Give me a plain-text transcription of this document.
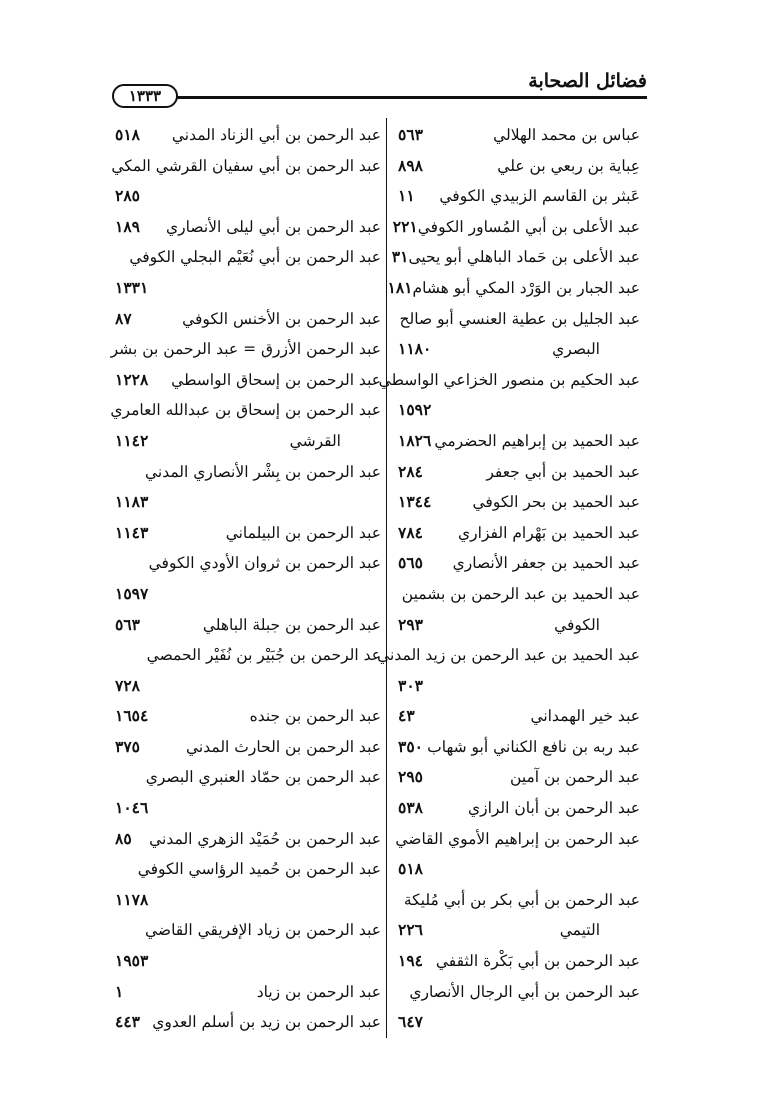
فضائل الصحابة
١٣٣٣
عباس بن محمد الهلالي
٥٦٣
عِباية بن ربعي بن علي
٨٩٨
عَبثر بن القاسم الزبيدي الكوفي
١١
عبد الأعلى بن أبي المُساور الكوفي
٢٢١
عبد الأعلى بن حَماد الباهلي أبو يحيى
٣١
عبد الجبار بن الوَرْد المكي أبو هشام
١٨١
عبد الجليل بن عطية العنسي أبو صالح
البصري
١١٨٠
عبد الحكيم بن منصور الخزاعي الواسطي
١٥٩٢
عبد الحميد بن إبراهيم الحضرمي
١٨٢٦
عبد الحميد بن أبي جعفر
٢٨٤
عبد الحميد بن بحر الكوفي
١٣٤٤
عبد الحميد بن بَهْرام الفزاري
٧٨٤
عبد الحميد بن جعفر الأنصاري
٥٦٥
عبد الحميد بن عبد الرحمن بن بشمين
الكوفي
٢٩٣
عبد الحميد بن عبد الرحمن بن زيد المدني
٣٠٣
عبد خير الهمداني
٤٣
عبد ربه بن نافع الكناني أبو شهاب
٣٥٠
عبد الرحمن بن آمين
٢٩٥
عبد الرحمن بن أبان الرازي
٥٣٨
عبد الرحمن بن إبراهيم الأموي القاضي
٥١٨
عبد الرحمن بن أبي بكر بن أبي مُليكة
التيمي
٢٢٦
عبد الرحمن بن أبي بَكْرة الثقفي
١٩٤
عبد الرحمن بن أبي الرجال الأنصاري
٦٤٧
عبد الرحمن بن أبي الزناد المدني
٥١٨
عبد الرحمن بن أبي سفيان القرشي المكي
٢٨٥
عبد الرحمن بن أبي ليلى الأنصاري
١٨٩
عبد الرحمن بن أبي نُعَيْم البجلي الكوفي
١٣٣١
عبد الرحمن بن الأخنس الكوفي
٨٧
عبد الرحمن الأزرق = عبد الرحمن بن بشر
عبد الرحمن بن إسحاق الواسطي
١٢٢٨
عبد الرحمن بن إسحاق بن عبدالله العامري
القرشي
١١٤٢
عبد الرحمن بن بِشْر الأنصاري المدني
١١٨٣
عبد الرحمن بن البيلماني
١١٤٣
عبد الرحمن بن ثروان الأودي الكوفي
١٥٩٧
عبد الرحمن بن جبلة الباهلي
٥٦٣
عد الرحمن بن جُبَيْر بن نُفَيْر الحمصي
٧٢٨
عبد الرحمن بن جنده
١٦٥٤
عبد الرحمن بن الحارث المدني
٣٧٥
عبد الرحمن بن حمّاد العنبري البصري
١٠٤٦
عبد الرحمن بن حُمَيْد الزهري المدني
٨٥
عبد الرحمن بن حُميد الرؤاسي الكوفي
١١٧٨
عبد الرحمن بن زياد الإفريقي القاضي
١٩٥٣
عبد الرحمن بن زياد
١
عبد الرحمن بن زيد بن أسلم العدوي
٤٤٣
